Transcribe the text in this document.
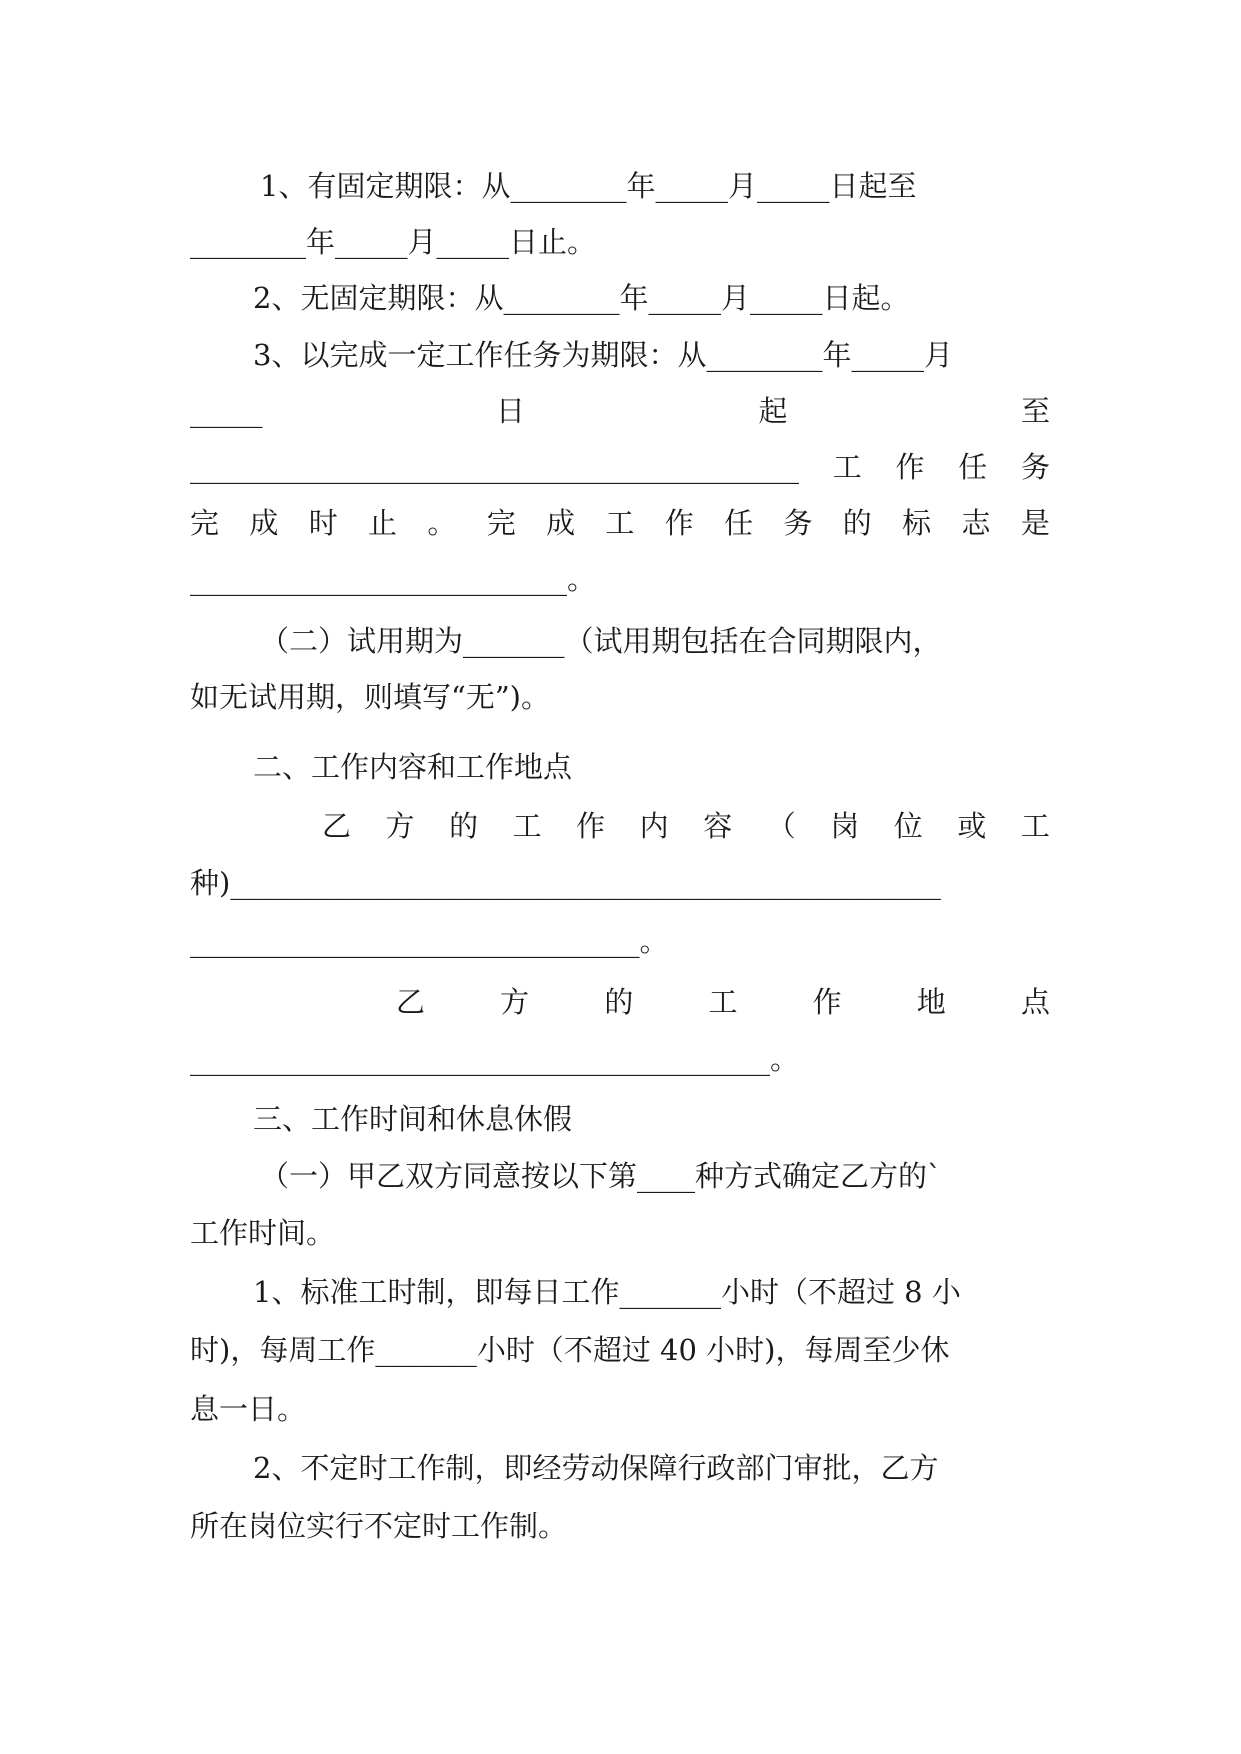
1、有固定期限：从________年_____月_____日起至

________年_____月_____日止。

2、无固定期限：从________年_____月_____日起。

3、以完成一定工作任务为期限：从________年_____月

_____	日	起	至
__________________________________________ 工 作 任 务
完 成 时 止 。 完 成 工 作 任 务 的 标 志 是

__________________________。

（二）试用期为_______（试用期包括在合同期限内，

如无试用期，则填写“无”)。

二、工作内容和工作地点

乙 方 的 工 作 内 容 （ 岗 位 或 工

种)_________________________________________________

_______________________________。

乙	方	的	工	作	地	点

________________________________________。

三、工作时间和休息休假

（一）甲乙双方同意按以下第____种方式确定乙方的`

工作时间。

1、标准工时制，即每日工作_______小时（不超过 8 小

时)，每周工作_______小时（不超过 40 小时)，每周至少休

息一日。

2、不定时工作制，即经劳动保障行政部门审批，乙方

所在岗位实行不定时工作制。
